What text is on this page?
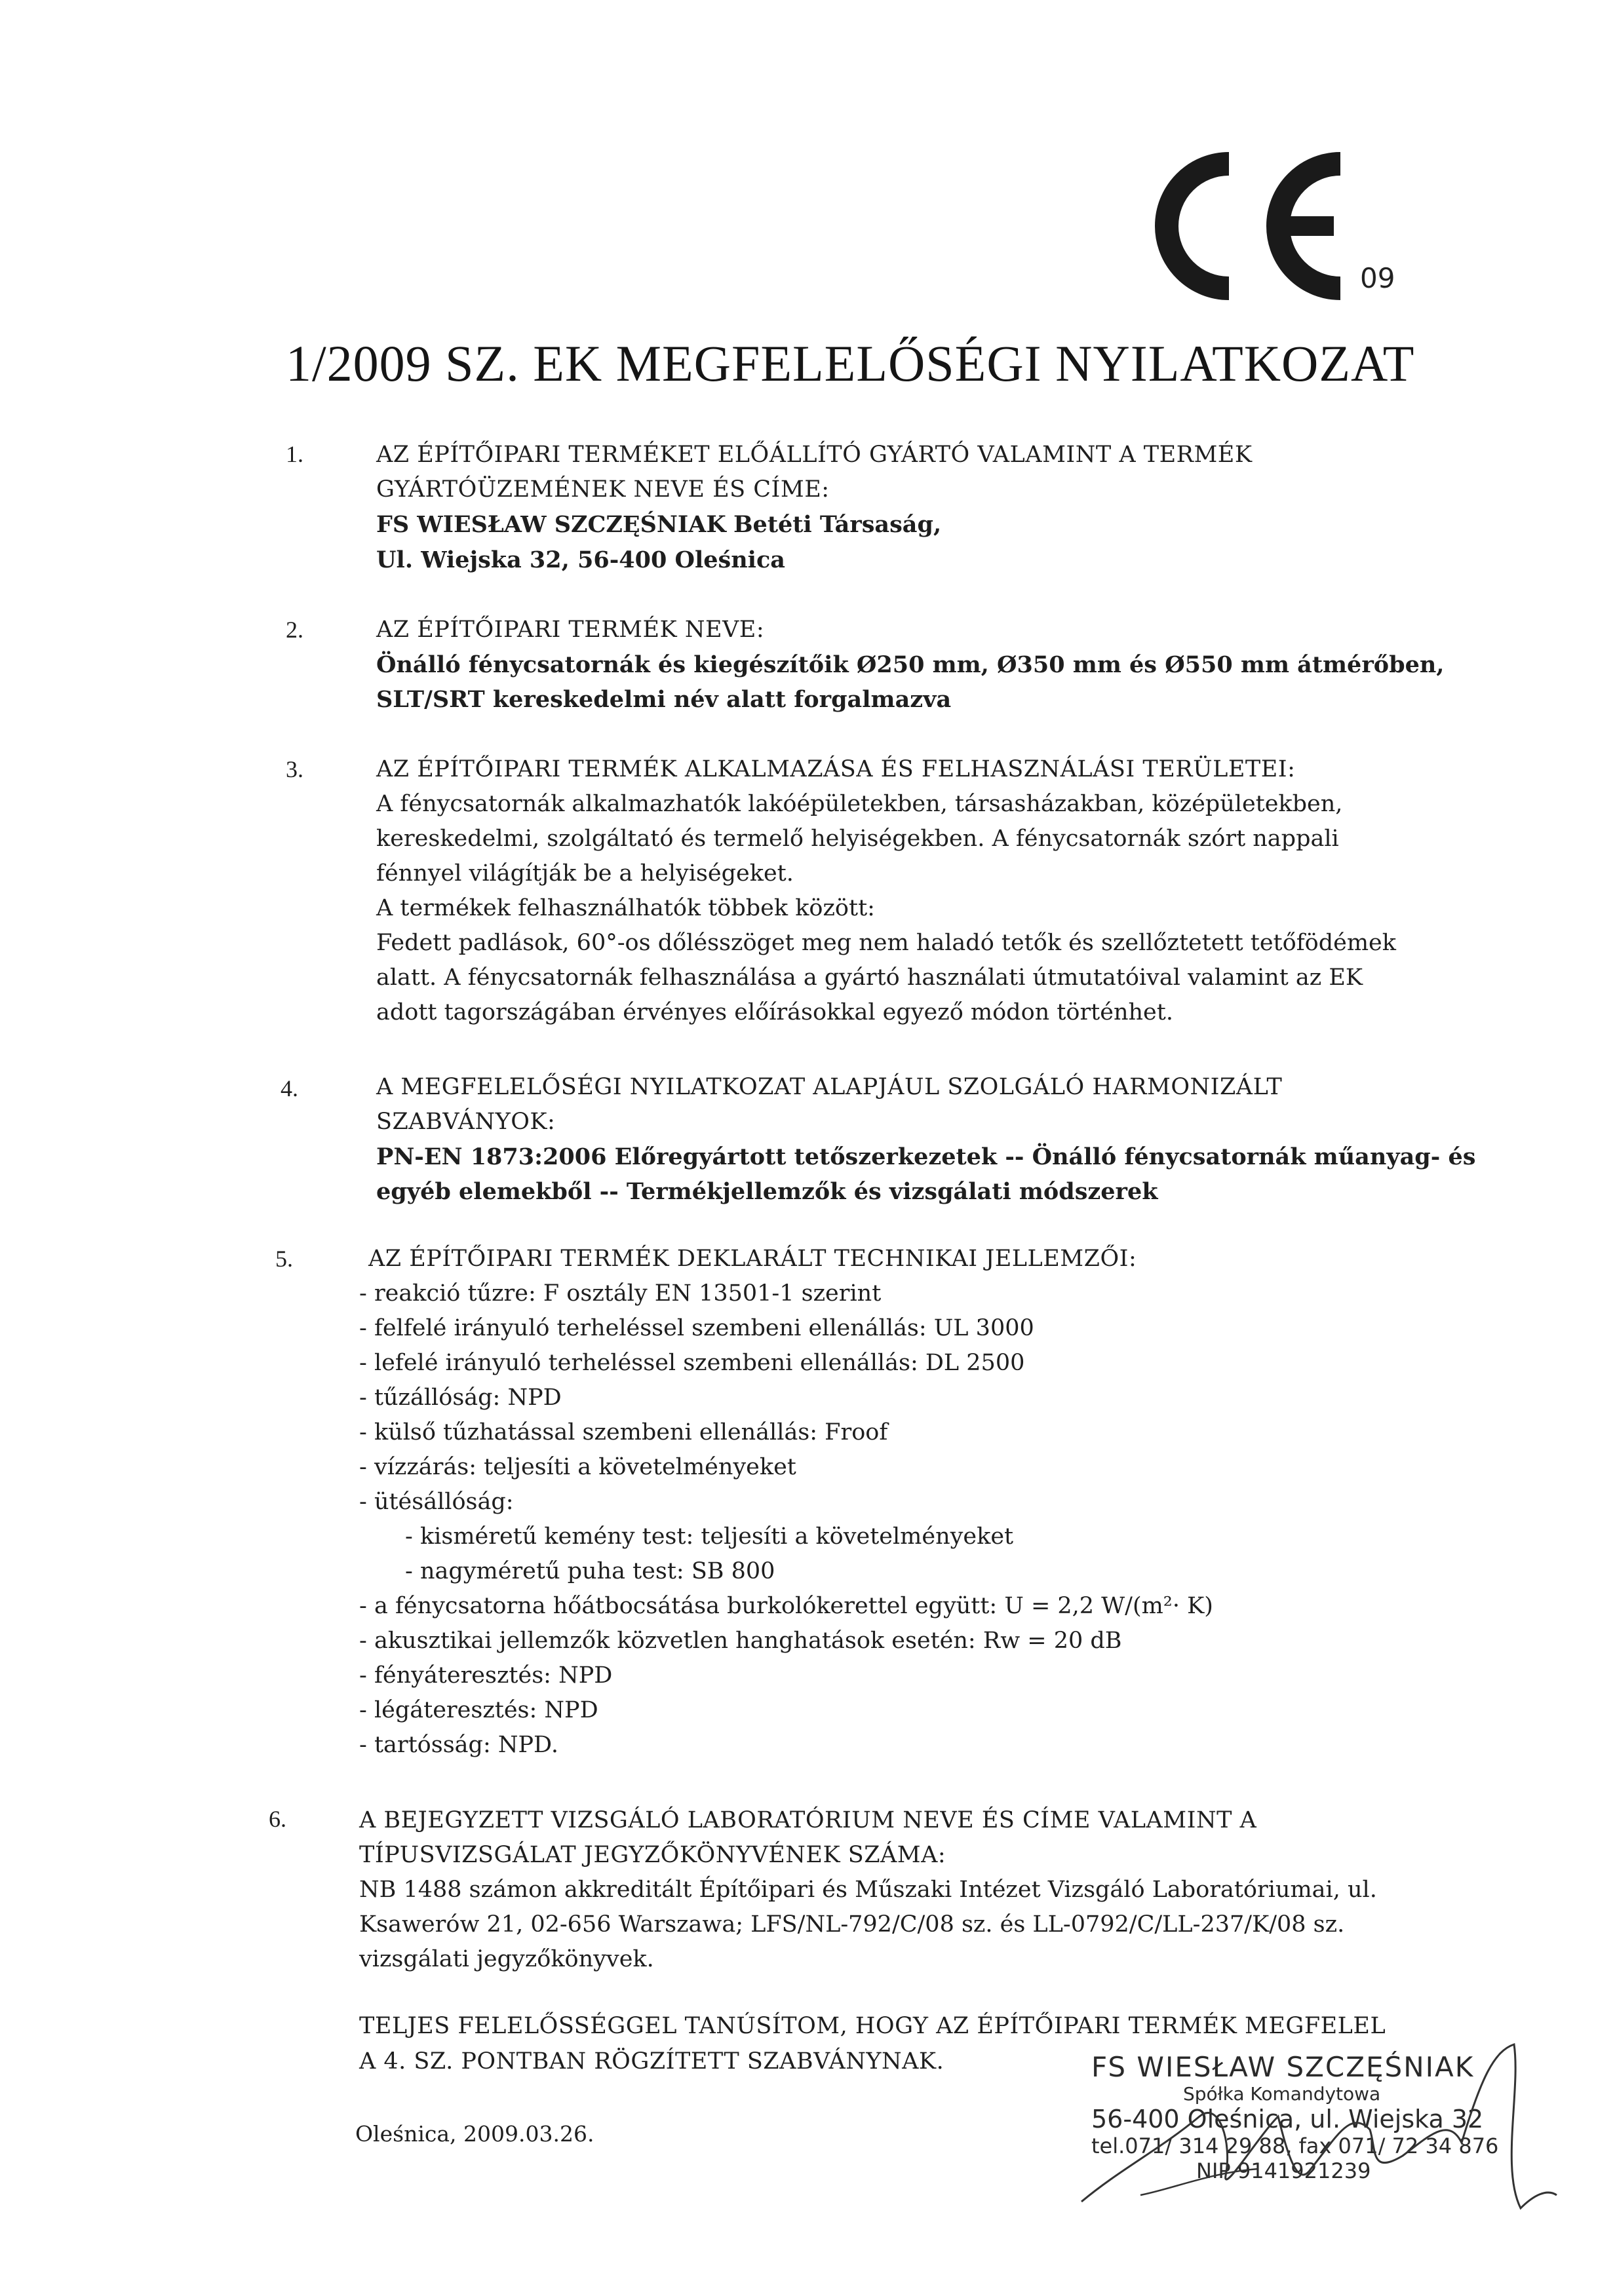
09
1/2009 SZ. EK MEGFELELŐSÉGI NYILATKOZAT
1.	AZ ÉPÍTŐIPARI TERMÉKET ELŐÁLLÍTÓ GYÁRTÓ VALAMINT A TERMÉK
GYÁRTÓÜZEMÉNEK NEVE ÉS CÍME:
FS WIESŁAW SZCZĘŚNIAK Betéti Társaság,
Ul. Wiejska 32, 56-400 Oleśnica
2.	AZ ÉPÍTŐIPARI TERMÉK NEVE:
Önálló fénycsatornák és kiegészítőik Ø250 mm, Ø350 mm és Ø550 mm átmérőben,
SLT/SRT kereskedelmi név alatt forgalmazva
3.	AZ ÉPÍTŐIPARI TERMÉK ALKALMAZÁSA ÉS FELHASZNÁLÁSI TERÜLETEI:
A fénycsatornák alkalmazhatók lakóépületekben, társasházakban, középületekben,
kereskedelmi, szolgáltató és termelő helyiségekben. A fénycsatornák szórt nappali
fénnyel világítják be a helyiségeket.
A termékek felhasználhatók többek között:
Fedett padlások, 60°-os dőlésszöget meg nem haladó tetők és szellőztetett tetőfödémek
alatt. A fénycsatornák felhasználása a gyártó használati útmutatóival valamint az EK
adott tagországában érvényes előírásokkal egyező módon történhet.
4.	A MEGFELELŐSÉGI NYILATKOZAT ALAPJÁUL SZOLGÁLÓ HARMONIZÁLT
SZABVÁNYOK:
PN-EN 1873:2006 Előregyártott tetőszerkezetek -- Önálló fénycsatornák műanyag- és
egyéb elemekből -- Termékjellemzők és vizsgálati módszerek
5.	AZ ÉPÍTŐIPARI TERMÉK DEKLARÁLT TECHNIKAI JELLEMZŐI:
- reakció tűzre: F osztály EN 13501-1 szerint
- felfelé irányuló terheléssel szembeni ellenállás: UL 3000
- lefelé irányuló terheléssel szembeni ellenállás: DL 2500
- tűzállóság: NPD
- külső tűzhatással szembeni ellenállás: Froof
- vízzárás: teljesíti a követelményeket
- ütésállóság:
- kisméretű kemény test: teljesíti a követelményeket
- nagyméretű puha test: SB 800
- a fénycsatorna hőátbocsátása burkolókerettel együtt: U = 2,2 W/(m²· K)
- akusztikai jellemzők közvetlen hanghatások esetén: Rw = 20 dB
- fényáteresztés: NPD
- légáteresztés: NPD
- tartósság: NPD.
6.	A BEJEGYZETT VIZSGÁLÓ LABORATÓRIUM NEVE ÉS CÍME VALAMINT A
TÍPUSVIZSGÁLAT JEGYZŐKÖNYVÉNEK SZÁMA:
NB 1488 számon akkreditált Építőipari és Műszaki Intézet Vizsgáló Laboratóriumai, ul.
Ksawerów 21, 02-656 Warszawa; LFS/NL-792/C/08 sz. és LL-0792/C/LL-237/K/08 sz.
vizsgálati jegyzőkönyvek.
TELJES FELELŐSSÉGGEL TANÚSÍTOM, HOGY AZ ÉPÍTŐIPARI TERMÉK MEGFELEL
A 4. SZ. PONTBAN RÖGZÍTETT SZABVÁNYNAK.
Oleśnica, 2009.03.26.
FS WIESŁAW SZCZĘŚNIAK
Spółka Komandytowa
56-400 Oleśnica, ul. Wiejska 32
tel.071/ 314 29 88, fax 071/ 72 34 876
NIP 9141921239
